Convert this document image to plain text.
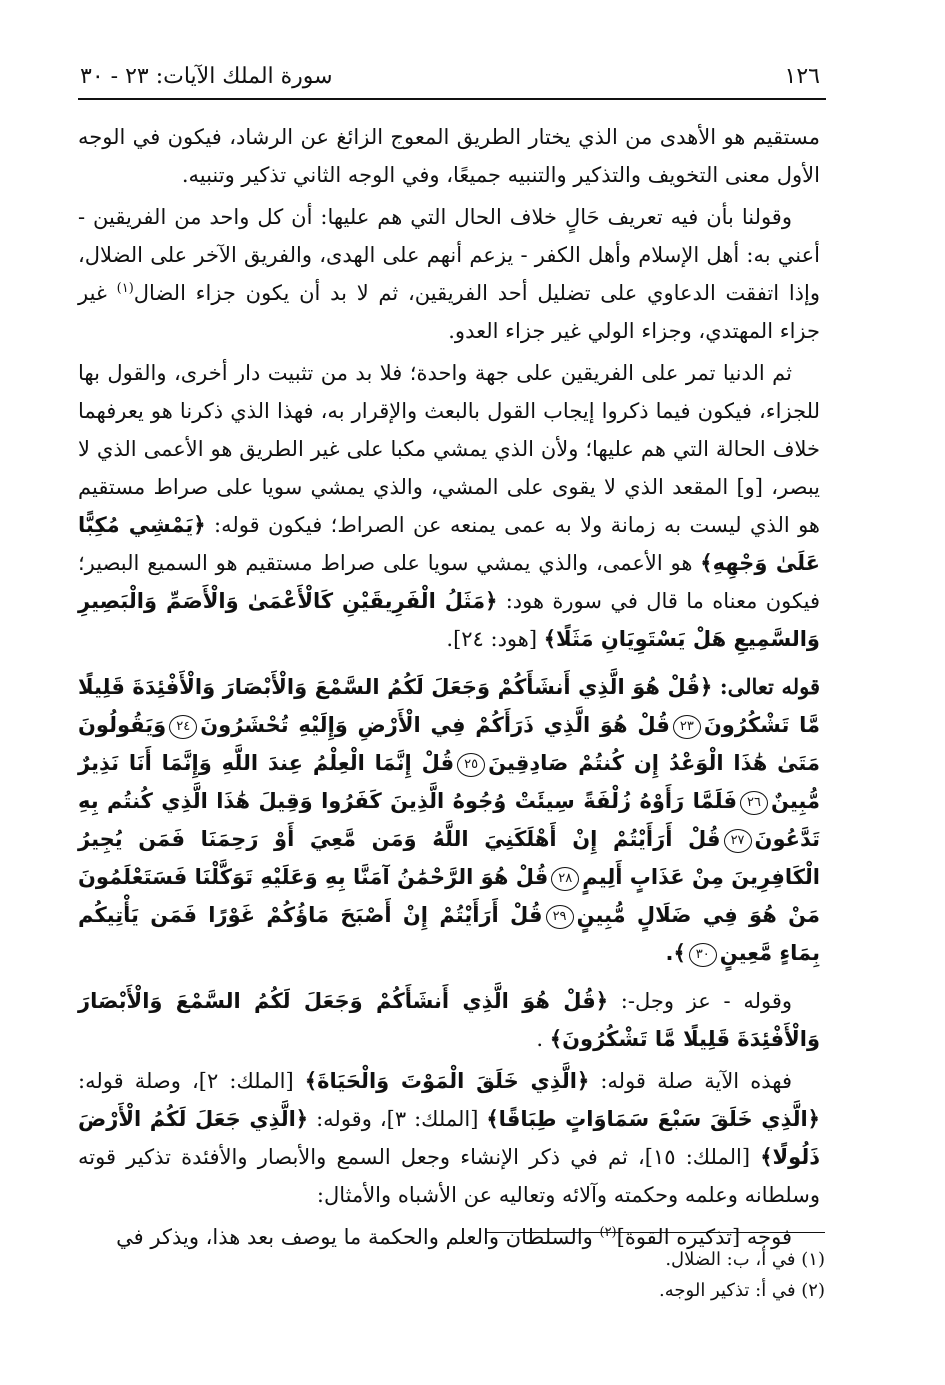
١٢٦
سورة الملك الآيات: ٢٣ - ٣٠

مستقيم هو الأهدى من الذي يختار الطريق المعوج الزائغ عن الرشاد، فيكون في الوجه الأول معنى التخويف والتذكير والتنبيه جميعًا، وفي الوجه الثاني تذكير وتنبيه.

وقولنا بأن فيه تعريف حَالٍ خلاف الحال التي هم عليها: أن كل واحد من الفريقين - أعني به: أهل الإسلام وأهل الكفر - يزعم أنهم على الهدى، والفريق الآخر على الضلال، وإذا اتفقت الدعاوي على تضليل أحد الفريقين، ثم لا بد أن يكون جزاء الضال$^{(١)}$ غير جزاء المهتدي، وجزاء الولي غير جزاء العدو.

ثم الدنيا تمر على الفريقين على جهة واحدة؛ فلا بد من تثبيت دار أخرى، والقول بها للجزاء، فيكون فيما ذكروا إيجاب القول بالبعث والإقرار به، فهذا الذي ذكرنا هو يعرفهما خلاف الحالة التي هم عليها؛ ولأن الذي يمشي مكبا على غير الطريق هو الأعمى الذي لا يبصر، [و] المقعد الذي لا يقوى على المشي، والذي يمشي سويا على صراط مستقيم هو الذي ليست به زمانة ولا به عمى يمنعه عن الصراط؛ فيكون قوله: ﴿يَمْشِي مُكِبًّا عَلَىٰ وَجْهِهِ﴾ هو الأعمى، والذي يمشي سويا على صراط مستقيم هو السميع البصير؛ فيكون معناه ما قال في سورة هود: ﴿مَثَلُ الْفَرِيقَيْنِ كَالْأَعْمَىٰ وَالْأَصَمِّ وَالْبَصِيرِ وَالسَّمِيعِ هَلْ يَسْتَوِيَانِ مَثَلًا﴾ [هود: ٢٤].

قوله تعالى: ﴿قُلْ هُوَ الَّذِي أَنشَأَكُمْ وَجَعَلَ لَكُمُ السَّمْعَ وَالْأَبْصَارَ وَالْأَفْئِدَةَ قَلِيلًا مَّا تَشْكُرُونَ٢٣قُلْ هُوَ الَّذِي ذَرَأَكُمْ فِي الْأَرْضِ وَإِلَيْهِ تُحْشَرُونَ٢٤وَيَقُولُونَ مَتَىٰ هَٰذَا الْوَعْدُ إِن كُنتُمْ صَادِقِينَ٢٥قُلْ إِنَّمَا الْعِلْمُ عِندَ اللَّهِ وَإِنَّمَا أَنَا نَذِيرٌ مُّبِينٌ٢٦فَلَمَّا رَأَوْهُ زُلْفَةً سِيئَتْ وُجُوهُ الَّذِينَ كَفَرُوا وَقِيلَ هَٰذَا الَّذِي كُنتُم بِهِ تَدَّعُونَ٢٧قُلْ أَرَأَيْتُمْ إِنْ أَهْلَكَنِيَ اللَّهُ وَمَن مَّعِيَ أَوْ رَحِمَنَا فَمَن يُجِيرُ الْكَافِرِينَ مِنْ عَذَابٍ أَلِيمٍ٢٨قُلْ هُوَ الرَّحْمَٰنُ آمَنَّا بِهِ وَعَلَيْهِ تَوَكَّلْنَا فَسَتَعْلَمُونَ مَنْ هُوَ فِي ضَلَالٍ مُّبِينٍ٢٩قُلْ أَرَأَيْتُمْ إِنْ أَصْبَحَ مَاؤُكُمْ غَوْرًا فَمَن يَأْتِيكُم بِمَاءٍ مَّعِينٍ٣٠﴾.

وقوله - عز وجل-: ﴿قُلْ هُوَ الَّذِي أَنشَأَكُمْ وَجَعَلَ لَكُمُ السَّمْعَ وَالْأَبْصَارَ وَالْأَفْئِدَةَ قَلِيلًا مَّا تَشْكُرُونَ﴾ .

فهذه الآية صلة قوله: ﴿الَّذِي خَلَقَ الْمَوْتَ وَالْحَيَاةَ﴾ [الملك: ٢]، وصلة قوله: ﴿الَّذِي خَلَقَ سَبْعَ سَمَاوَاتٍ طِبَاقًا﴾ [الملك: ٣]، وقوله: ﴿الَّذِي جَعَلَ لَكُمُ الْأَرْضَ ذَلُولًا﴾ [الملك: ١٥]، ثم في ذكر الإنشاء وجعل السمع والأبصار والأفئدة تذكير قوته وسلطانه وعلمه وحكمته وآلائه وتعاليه عن الأشباه والأمثال:

فوجه [تذكيره القوة]$^{(٢)}$ والسلطان والعلم والحكمة ما يوصف بعد هذا، ويذكر في

(١) في أ، ب: الضلال.
(٢) في أ: تذكير الوجه.
